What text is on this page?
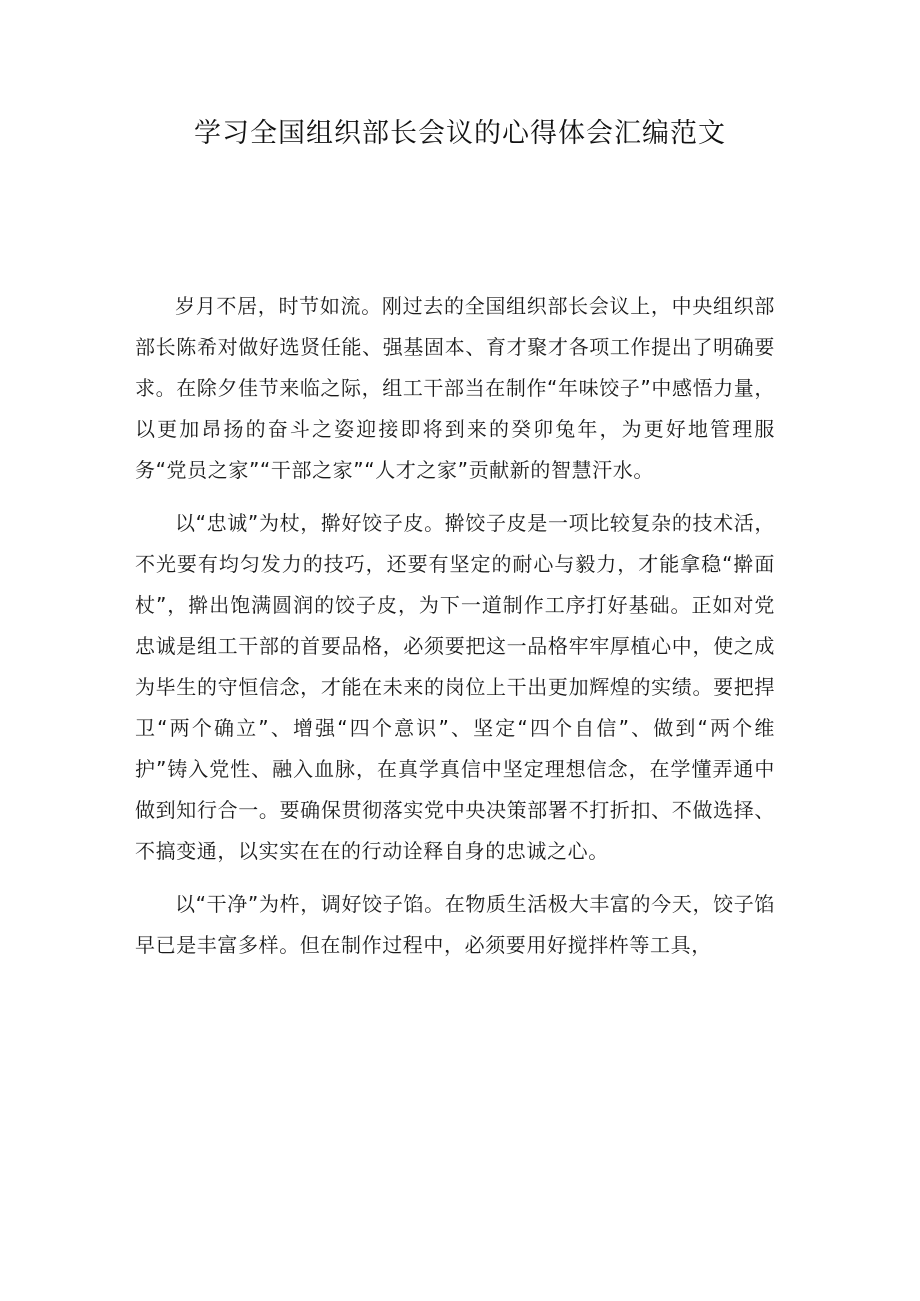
学习全国组织部长会议的心得体会汇编范文

岁月不居，时节如流。刚过去的全国组织部长会议上，中央组织部部长陈希对做好选贤任能、强基固本、育才聚才各项工作提出了明确要求。在除夕佳节来临之际，组工干部当在制作“年味饺子”中感悟力量，以更加昂扬的奋斗之姿迎接即将到来的癸卯兔年，为更好地管理服务“党员之家”“干部之家”“人才之家”贡献新的智慧汗水。

以“忠诚”为杖，擀好饺子皮。擀饺子皮是一项比较复杂的技术活，不光要有均匀发力的技巧，还要有坚定的耐心与毅力，才能拿稳“擀面杖”，擀出饱满圆润的饺子皮，为下一道制作工序打好基础。正如对党忠诚是组工干部的首要品格，必须要把这一品格牢牢厚植心中，使之成为毕生的守恒信念，才能在未来的岗位上干出更加辉煌的实绩。要把捍卫“两个确立”、增强“四个意识”、坚定“四个自信”、做到“两个维护”铸入党性、融入血脉，在真学真信中坚定理想信念，在学懂弄通中做到知行合一。要确保贯彻落实党中央决策部署不打折扣、不做选择、不搞变通，以实实在在的行动诠释自身的忠诚之心。

以“干净”为杵，调好饺子馅。在物质生活极大丰富的今天，饺子馅早已是丰富多样。但在制作过程中，必须要用好搅拌杵等工具，
